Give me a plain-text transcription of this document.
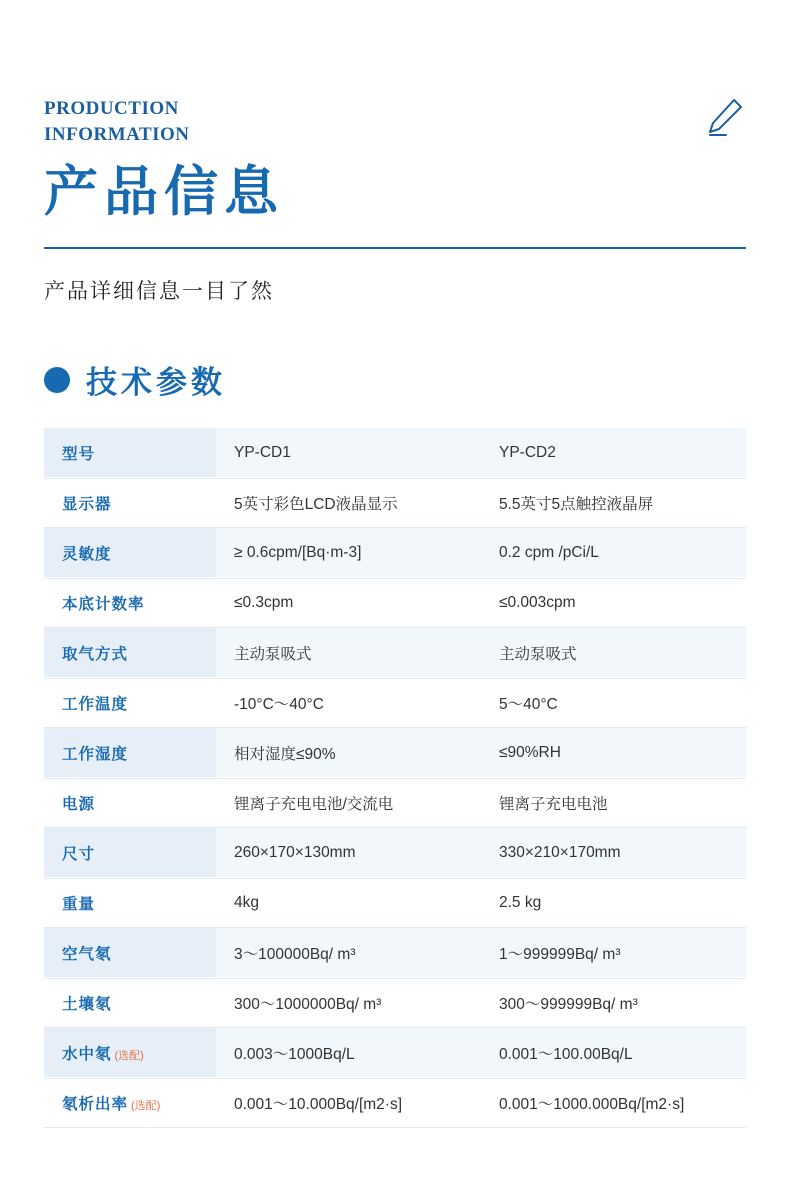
PRODUCTION
INFORMATION
产品信息
产品详细信息一目了然
技术参数
型号	YP-CD1	YP-CD2
显示器	5英寸彩色LCD液晶显示	5.5英寸5点触控液晶屏
灵敏度	≥ 0.6cpm/[Bq·m-3]	0.2 cpm /pCi/L
本底计数率	≤0.3cpm	≤0.003cpm
取气方式	主动泵吸式	主动泵吸式
工作温度	-10°C～40°C	5～40°C
工作湿度	相对湿度≤90%	≤90%RH
电源	锂离子充电电池/交流电	锂离子充电电池
尺寸	260×170×130mm	330×210×170mm
重量	4kg	2.5 kg
空气氡	3～100000Bq/ m³	1～999999Bq/ m³
土壤氡	300～1000000Bq/ m³	300～999999Bq/ m³
水中氡 (选配)	0.003～1000Bq/L	0.001～100.00Bq/L
氡析出率 (选配)	0.001～10.000Bq/[m2·s]	0.001～1000.000Bq/[m2·s]
